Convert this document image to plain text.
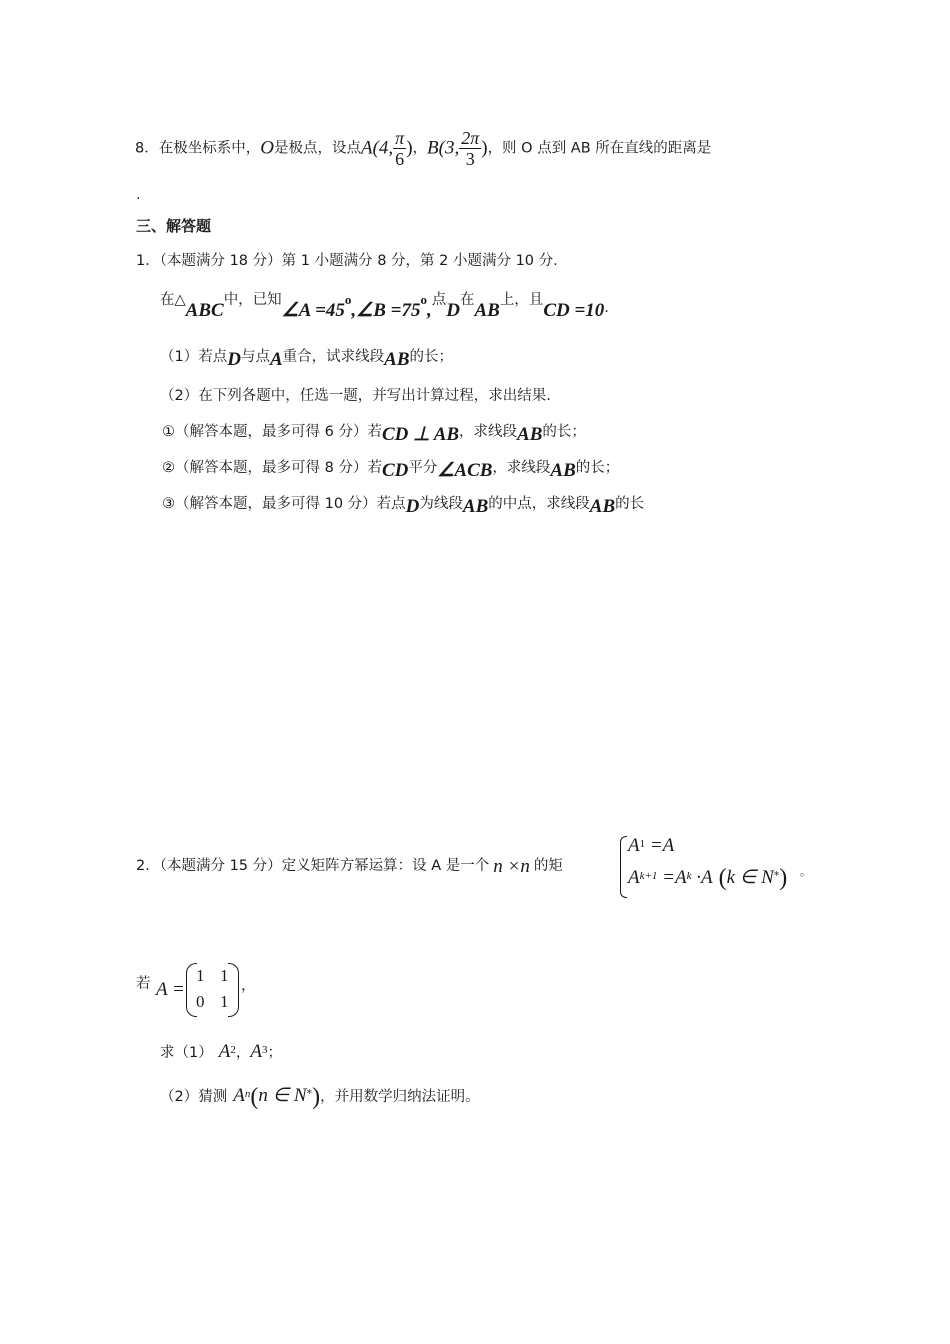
8．在极坐标系中，O是极点，设点A(4, $\frac{\pi}{6}$ )，B(3, $\frac{2\pi}{3}$ )，则 O 点到 AB 所在直线的距离是
.
三、解答题
1．（本题满分 18 分）第 1 小题满分 8 分，第 2 小题满分 10 分.
在△ABC中，已知∠A =45o,∠B =75o,点D在AB上，且CD =10.
（1）若点D与点A重合，试求线段AB的长；
（2）在下列各题中，任选一题，并写出计算过程，求出结果.
①（解答本题，最多可得 6 分）若CD ⊥ AB，求线段AB的长；
②（解答本题，最多可得 8 分）若CD平分∠ACB，求线段AB的长；
③（解答本题，最多可得 10 分）若点D为线段AB的中点，求线段AB的长
2．（本题满分 15 分）定义矩阵方幂运算：设 A 是一个 n ×n 的矩
$A^1 =A$
$A^{k+1} =A^k \cdot A$ (k ∈ N*) 。
若 A =
1 1
0 1
，
求（1） $A^2$，$A^3$；
（2）猜测 $A^n(n$ ∈ N*)，并用数学归纳法证明。
